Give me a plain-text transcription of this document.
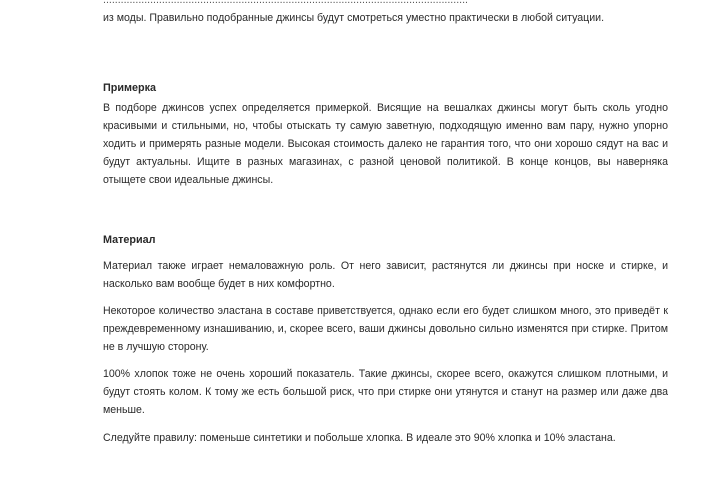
............................................................................................................................

из моды. Правильно подобранные джинсы будут смотреться уместно практически в любой ситуации.

Примерка

В подборе джинсов успех определяется примеркой. Висящие на вешалках джинсы могут быть сколь угодно красивыми и стильными, но, чтобы отыскать ту самую заветную, подходящую именно вам пару, нужно упорно ходить и примерять разные модели. Высокая стоимость далеко не гарантия того, что они хорошо сядут на вас и будут актуальны. Ищите в разных магазинах, с разной ценовой политикой. В конце концов, вы наверняка отыщете свои идеальные джинсы.

Материал

Материал также играет немаловажную роль. От него зависит, растянутся ли джинсы при носке и стирке, и насколько вам вообще будет в них комфортно.

Некоторое количество эластана в составе приветствуется, однако если его будет слишком много, это приведёт к преждевременному изнашиванию, и, скорее всего, ваши джинсы довольно сильно изменятся при стирке. Притом не в лучшую сторону.

100% хлопок тоже не очень хороший показатель. Такие джинсы, скорее всего, окажутся слишком плотными, и будут стоять колом. К тому же есть большой риск, что при стирке они утянутся и станут на размер или даже два меньше.

Следуйте правилу: поменьше синтетики и побольше хлопка. В идеале это 90% хлопка и 10% эластана.
